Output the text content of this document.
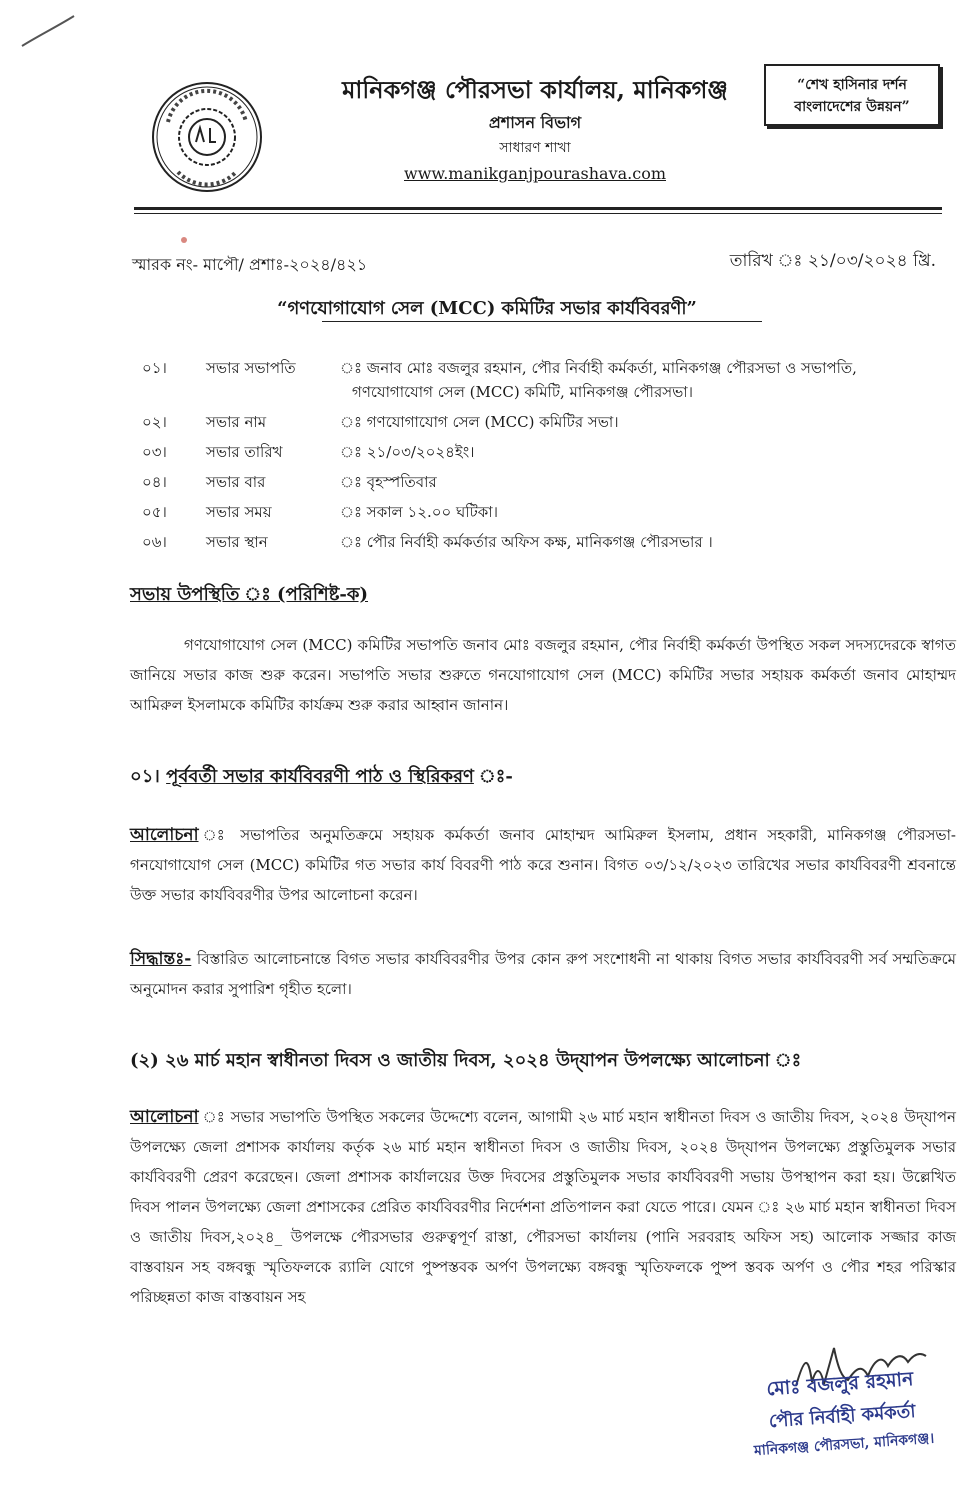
মানিকগঞ্জ পৌরসভা কার্যালয়, মানিকগঞ্জ
প্রশাসন বিভাগ
সাধারণ শাখা
www.manikganjpourashava.com
“শেখ হাসিনার দর্শন
বাংলাদেশের উন্নয়ন”
স্মারক নং- মাপৌ/ প্রশাঃ-২০২৪/৪২১	তারিখ ঃ ২১/০৩/২০২৪ খ্রি.
“গণযোগাযোগ সেল (MCC) কমিটির সভার কার্যবিবরণী”
০১।	সভার সভাপতি	ঃ জনাব মোঃ বজলুর রহমান, পৌর নির্বাহী কর্মকর্তা, মানিকগঞ্জ পৌরসভা ও সভাপতি,
গণযোগাযোগ সেল (MCC) কমিটি, মানিকগঞ্জ পৌরসভা।

০২।	সভার নাম	ঃ গণযোগাযোগ সেল (MCC) কমিটির সভা।
০৩।	সভার তারিখ	ঃ ২১/০৩/২০২৪ইং।
০৪।	সভার বার	ঃ বৃহস্পতিবার
০৫।	সভার সময়	ঃ সকাল ১২.০০ ঘটিকা।
০৬।	সভার স্থান	ঃ পৌর নির্বাহী কর্মকর্তার অফিস কক্ষ, মানিকগঞ্জ পৌরসভার ।
সভায় উপস্থিতি ঃ (পরিশিষ্ট-ক)
গণযোগাযোগ সেল (MCC) কমিটির সভাপতি জনাব মোঃ বজলুর রহমান, পৌর নির্বাহী কর্মকর্তা উপস্থিত সকল সদস্যদেরকে স্বাগত জানিয়ে সভার কাজ শুরু করেন। সভাপতি সভার শুরুতে গনযোগাযোগ সেল (MCC) কমিটির সভার সহায়ক কর্মকর্তা জনাব মোহাম্মদ আমিরুল ইসলামকে কমিটির কার্যক্রম শুরু করার আহ্বান জানান।
০১। পূর্ববর্তী সভার কার্যবিবরণী পাঠ ও স্থিরিকরণ ঃ-
আলোচনা ঃ সভাপতির অনুমতিক্রমে সহায়ক কর্মকর্তা জনাব মোহাম্মদ আমিরুল ইসলাম, প্রধান সহকারী, মানিকগঞ্জ পৌরসভা- গনযোগাযোগ সেল (MCC) কমিটির গত সভার কার্য বিবরণী পাঠ করে শুনান। বিগত ০৩/১২/২০২৩ তারিখের সভার কার্যবিবরণী শ্রবনান্তে উক্ত সভার কার্যবিবরণীর উপর আলোচনা করেন।
সিদ্ধান্তঃ- বিস্তারিত আলোচনান্তে বিগত সভার কার্যবিবরণীর উপর কোন রুপ সংশোধনী না থাকায় বিগত সভার কার্যবিবরণী সর্ব সম্মতিক্রমে অনুমোদন করার সুপারিশ গৃহীত হলো।
(২) ২৬ মার্চ মহান স্বাধীনতা দিবস ও জাতীয় দিবস, ২০২৪ উদ্‌যাপন উপলক্ষ্যে আলোচনা ঃ
আলোচনা ঃ সভার সভাপতি উপস্থিত সকলের উদ্দেশ্যে বলেন, আগামী ২৬ মার্চ মহান স্বাধীনতা দিবস ও জাতীয় দিবস, ২০২৪ উদ্‌যাপন উপলক্ষ্যে জেলা প্রশাসক কার্যালয় কর্তৃক ২৬ মার্চ মহান স্বাধীনতা দিবস ও জাতীয় দিবস, ২০২৪ উদ্‌যাপন উপলক্ষ্যে প্রস্তুতিমুলক সভার কার্যবিবরণী প্রেরণ করেছেন। জেলা প্রশাসক কার্যালয়ের উক্ত দিবসের প্রস্তুতিমুলক সভার কার্যবিবরণী সভায় উপস্থাপন করা হয়। উল্লেখিত দিবস পালন উপলক্ষ্যে জেলা প্রশাসকের প্রেরিত কার্যবিবরণীর নির্দেশনা প্রতিপালন করা যেতে পারে। যেমন ঃ ২৬ মার্চ মহান স্বাধীনতা দিবস ও জাতীয় দিবস,২০২৪_ উপলক্ষে পৌরসভার গুরুত্বপূর্ণ রাস্তা, পৌরসভা কার্যালয় (পানি সরবরাহ অফিস সহ) আলোক সজ্জার কাজ বাস্তবায়ন সহ বঙ্গবন্ধু স্মৃতিফলকে র‍্যালি যোগে পুষ্পস্তবক অর্পণ উপলক্ষ্যে বঙ্গবন্ধু স্মৃতিফলকে পুষ্প স্তবক অর্পণ ও পৌর শহর পরিস্কার পরিচ্ছন্নতা কাজ বাস্তবায়ন সহ
মোঃ বজলুর রহমান
পৌর নির্বাহী কর্মকর্তা
মানিকগঞ্জ পৌরসভা, মানিকগঞ্জ।
